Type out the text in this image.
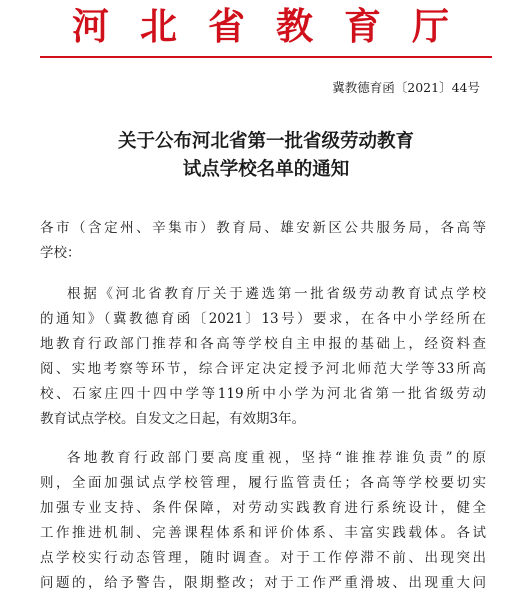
河北省教育厅
冀教德育函〔2021〕44号
关于公布河北省第一批省级劳动教育
试点学校名单的通知
各市（含定州、辛集市）教育局、雄安新区公共服务局，各高等
学校：
根据《河北省教育厅关于遴选第一批省级劳动教育试点学校
的通知》（冀教德育函〔2021〕13号）要求，在各中小学经所在
地教育行政部门推荐和各高等学校自主申报的基础上，经资料查
阅、实地考察等环节，综合评定决定授予河北师范大学等33所高
校、石家庄四十四中学等119所中小学为河北省第一批省级劳动
教育试点学校。自发文之日起，有效期3年。
各地教育行政部门要高度重视，坚持“谁推荐谁负责”的原
则，全面加强试点学校管理，履行监管责任；各高等学校要切实
加强专业支持、条件保障，对劳动实践教育进行系统设计，健全
工作推进机制、完善课程体系和评价体系、丰富实践载体。各试
点学校实行动态管理，随时调查。对于工作停滞不前、出现突出
问题的，给予警告，限期整改；对于工作严重滑坡、出现重大问
